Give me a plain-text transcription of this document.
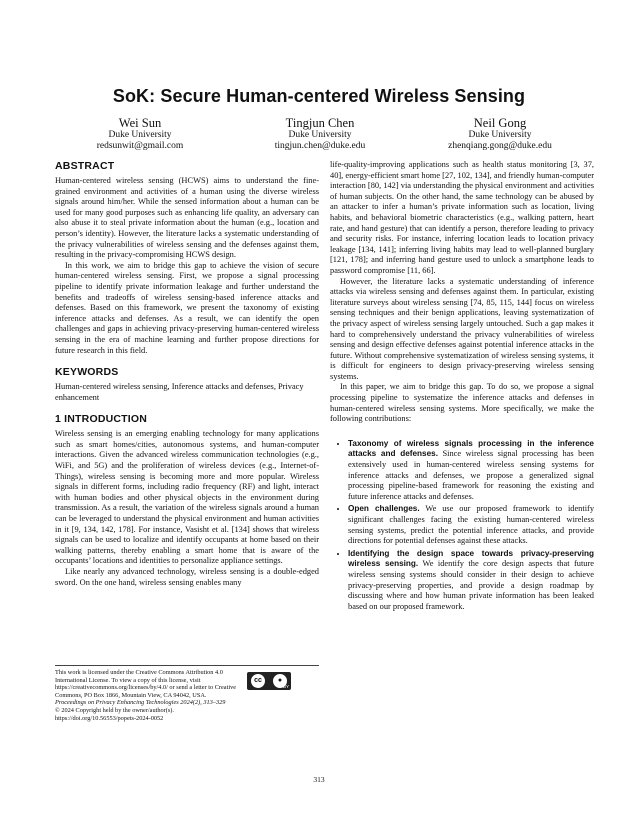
SoK: Secure Human-centered Wireless Sensing
Wei Sun
Duke University
redsunwit@gmail.com
Tingjun Chen
Duke University
tingjun.chen@duke.edu
Neil Gong
Duke University
zhenqiang.gong@duke.edu
ABSTRACT

Human-centered wireless sensing (HCWS) aims to understand the fine-grained environment and activities of a human using the diverse wireless signals around him/her. While the sensed information about a human can be used for many good purposes such as enhancing life quality, an adversary can also abuse it to steal private information about the human (e.g., location and person’s identity). However, the literature lacks a systematic understanding of the privacy vulnerabilities of wireless sensing and the defenses against them, resulting in the privacy-compromising HCWS design.

In this work, we aim to bridge this gap to achieve the vision of secure human-centered wireless sensing. First, we propose a signal processing pipeline to identify private information leakage and further understand the benefits and tradeoffs of wireless sensing-based inference attacks and defenses. Based on this framework, we present the taxonomy of existing inference attacks and defenses. As a result, we can identify the open challenges and gaps in achieving privacy-preserving human-centered wireless sensing in the era of machine learning and further propose directions for future research in this field.

KEYWORDS

Human-centered wireless sensing, Inference attacks and defenses, Privacy enhancement

1 INTRODUCTION

Wireless sensing is an emerging enabling technology for many applications such as smart homes/cities, autonomous systems, and human-computer interactions. Given the advanced wireless communication technologies (e.g., WiFi, and 5G) and the proliferation of wireless devices (e.g., Internet-of-Things), wireless sensing is becoming more and more popular. Wireless signals in different forms, including radio frequency (RF) and light, interact with human bodies and other physical objects in the environment during transmission. As a result, the variation of the wireless signals around a human can be leveraged to understand the physical environment and human activities in it [9, 134, 142, 178]. For instance, Vasisht et al. [134] shows that wireless signals can be used to localize and identify occupants at home based on their walking patterns, thereby enabling a smart home that is aware of the occupants’ locations and identities to personalize appliance settings.

Like nearly any advanced technology, wireless sensing is a double-edged sword. On the one hand, wireless sensing enables many

life-quality-improving applications such as health status monitoring [3, 37, 40], energy-efficient smart home [27, 102, 134], and friendly human-computer interaction [80, 142] via understanding the physical environment and activities of human subjects. On the other hand, the same technology can be abused by an attacker to infer a human’s private information such as location, living habits, and behavioral biometric characteristics (e.g., walking pattern, heart rate, and hand gesture) that can identify a person, therefore leading to privacy and security risks. For instance, inferring location leads to location privacy leakage [134, 141]; inferring living habits may lead to well-planned burglary [121, 178]; and inferring hand gesture used to unlock a smartphone leads to password compromise [11, 66].

However, the literature lacks a systematic understanding of inference attacks via wireless sensing and defenses against them. In particular, existing literature surveys about wireless sensing [74, 85, 115, 144] focus on wireless sensing techniques and their benign applications, leaving systematization of the privacy aspect of wireless sensing largely untouched. Such a gap makes it hard to comprehensively understand the privacy vulnerabilities of wireless sensing and design effective defenses against potential inference attacks in the future. Without comprehensive systematization of wireless sensing systems, it is difficult for engineers to design privacy-preserving wireless sensing systems.

In this paper, we aim to bridge this gap. To do so, we propose a signal processing pipeline to systematize the inference attacks and defenses in human-centered wireless sensing systems. More specifically, we make the following contributions:

• Taxonomy of wireless signals processing in the inference attacks and defenses. Since wireless signal processing has been extensively used in human-centered wireless sensing systems for inference attacks and defenses, we propose a generalized signal processing pipeline-based framework for reasoning the existing and future inference attacks and defenses.
• Open challenges. We use our proposed framework to identify significant challenges facing the existing human-centered wireless sensing systems, predict the potential inference attacks, and provide directions for potential defenses against these attacks.
• Identifying the design space towards privacy-preserving wireless sensing. We identify the core design aspects that future wireless sensing systems should consider in their design to achieve privacy-preserving properties, and provide a design roadmap by discussing where and how human private information has been leaked based on our proposed framework.
This work is licensed under the Creative Commons Attribution 4.0 International License. To view a copy of this license, visit https://creativecommons.org/licenses/by/4.0/ or send a letter to Creative Commons, PO Box 1866, Mountain View, CA 94042, USA.
cc	●
BY
Proceedings on Privacy Enhancing Technologies 2024(2), 313–329
© 2024 Copyright held by the owner/author(s).
https://doi.org/10.56553/popets-2024-0052
313
